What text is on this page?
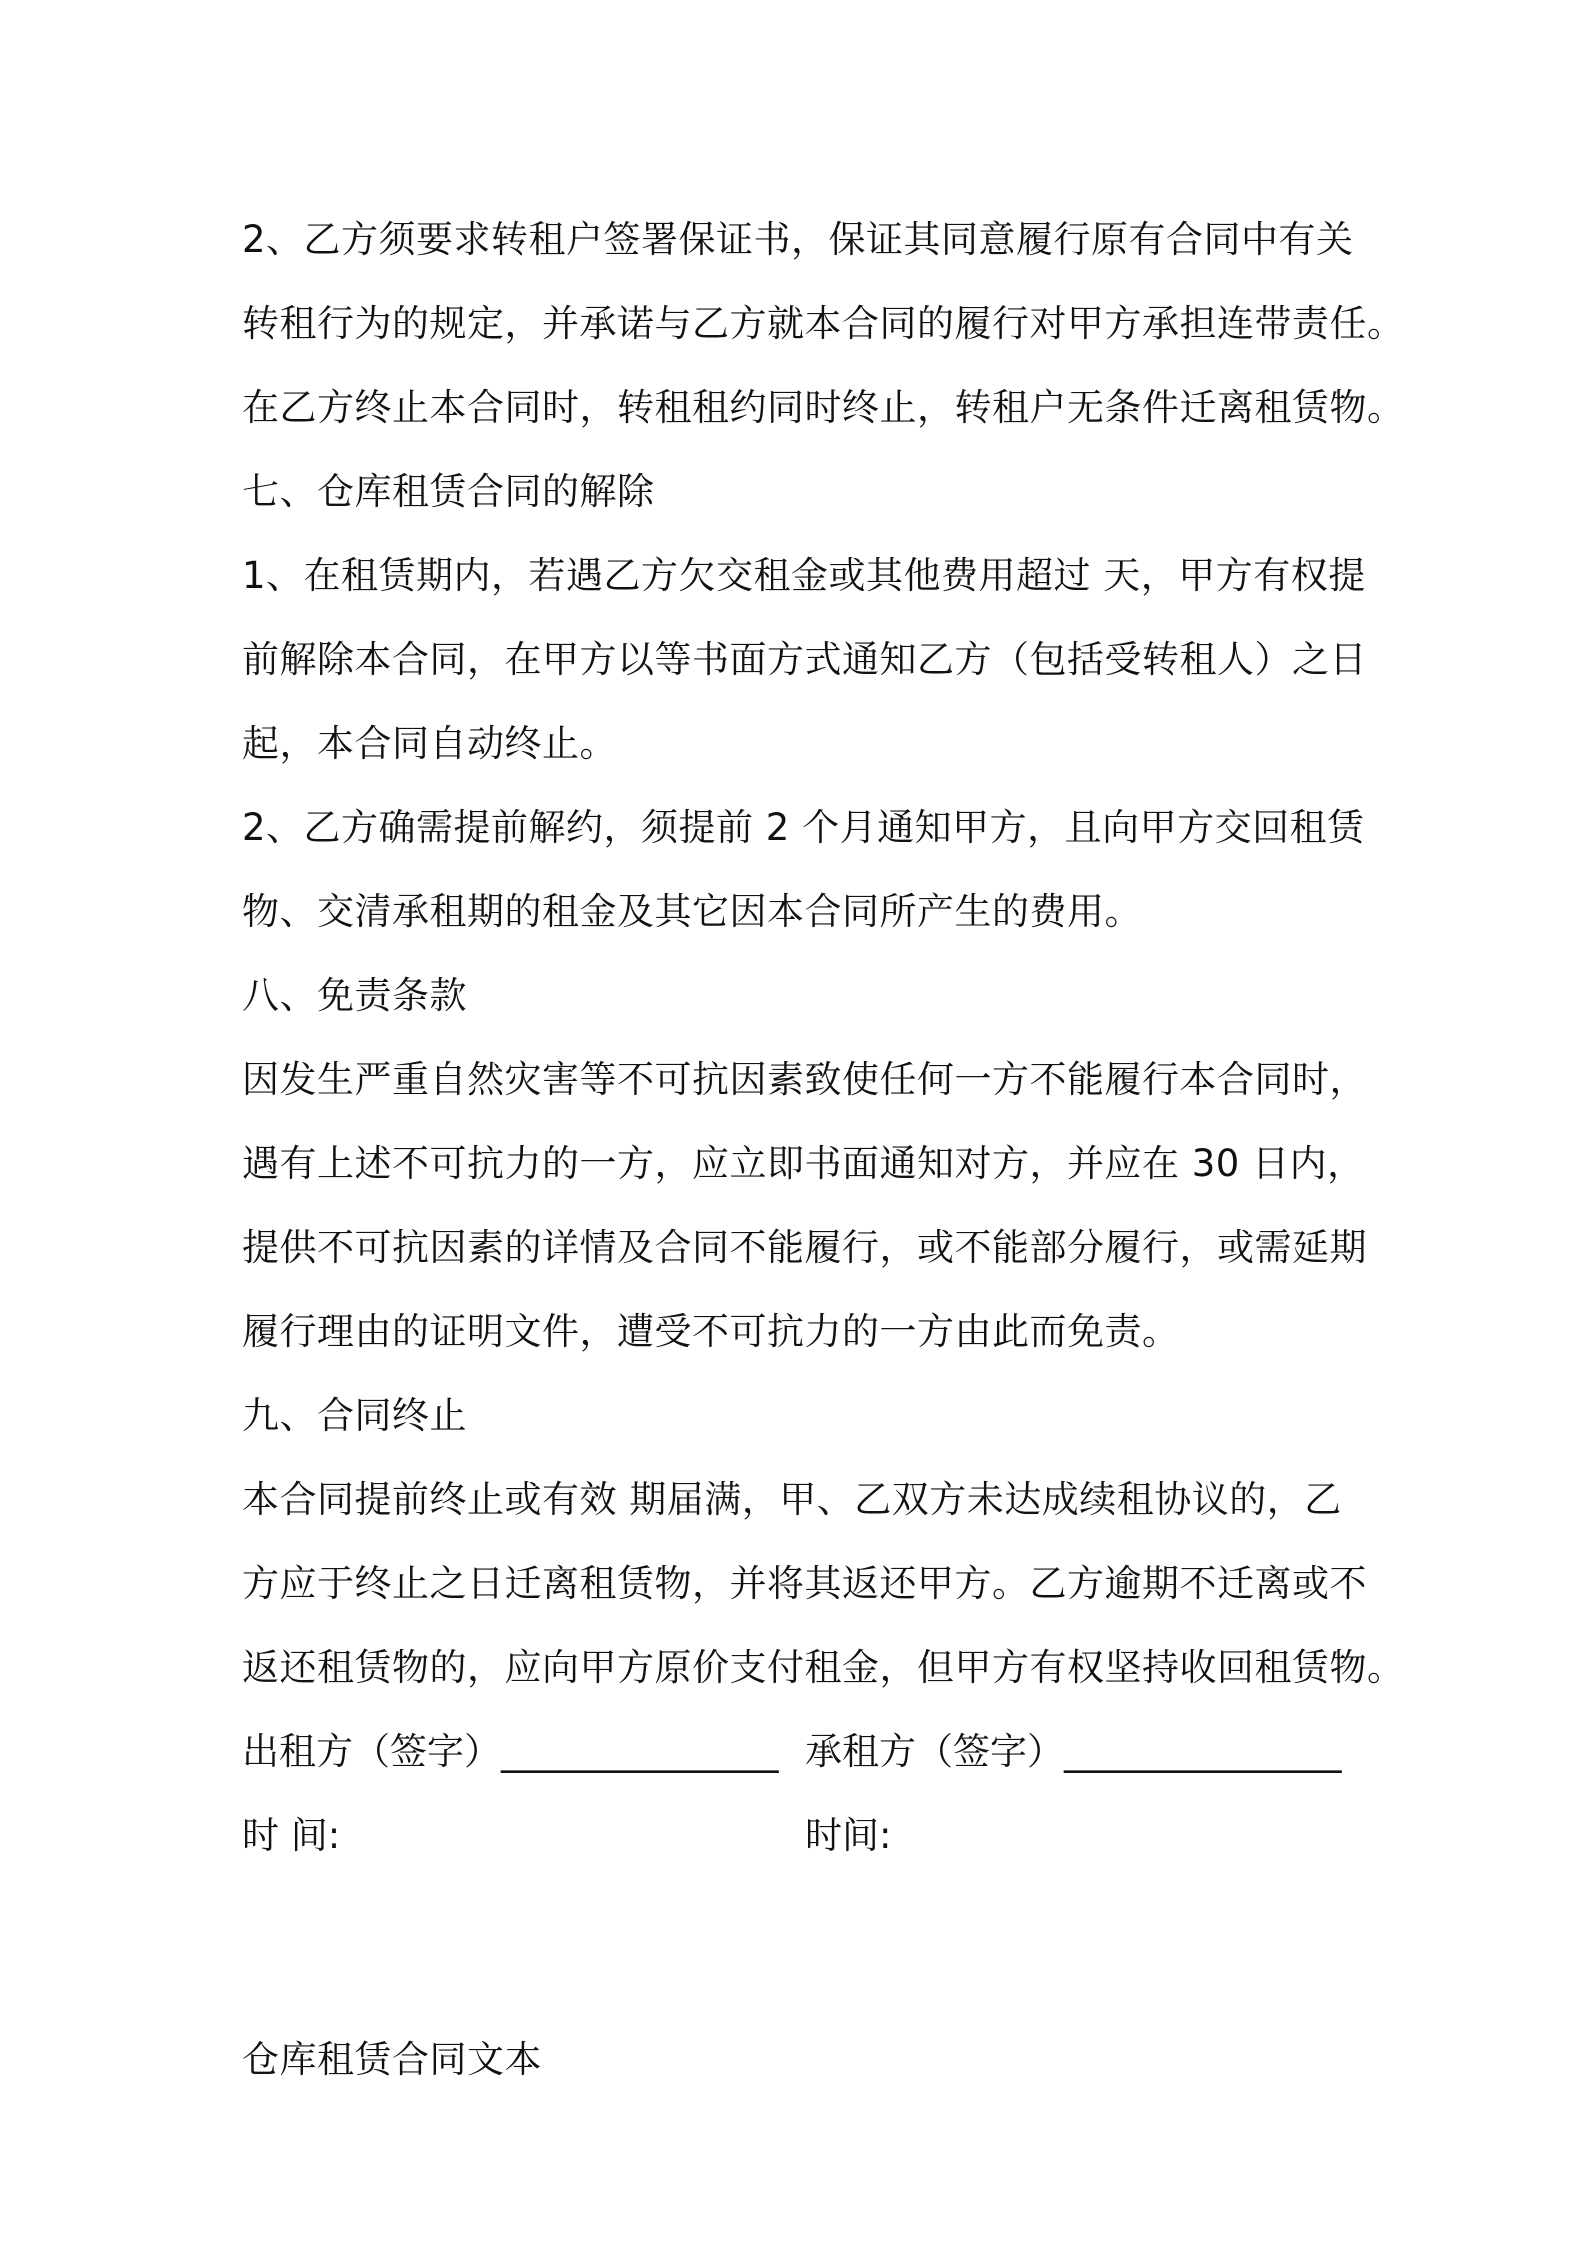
2、乙方须要求转租户签署保证书，保证其同意履行原有合同中有关
转租行为的规定，并承诺与乙方就本合同的履行对甲方承担连带责任。
在乙方终止本合同时，转租租约同时终止，转租户无条件迁离租赁物。
七、仓库租赁合同的解除
1、在租赁期内，若遇乙方欠交租金或其他费用超过 天，甲方有权提
前解除本合同，在甲方以等书面方式通知乙方（包括受转租人）之日
起，本合同自动终止。
2、乙方确需提前解约，须提前 2 个月通知甲方，且向甲方交回租赁
物、交清承租期的租金及其它因本合同所产生的费用。
八、免责条款
因发生严重自然灾害等不可抗因素致使任何一方不能履行本合同时，
遇有上述不可抗力的一方，应立即书面通知对方，并应在 30 日内，
提供不可抗因素的详情及合同不能履行，或不能部分履行，或需延期
履行理由的证明文件，遭受不可抗力的一方由此而免责。
九、合同终止
本合同提前终止或有效 期届满，甲、乙双方未达成续租协议的，乙
方应于终止之日迁离租赁物，并将其返还甲方。乙方逾期不迁离或不
返还租赁物的，应向甲方原价支付租金，但甲方有权坚持收回租赁物。
出租方（签字）_______________ 承租方（签字）_______________
时 间:	时间:
仓库租赁合同文本
